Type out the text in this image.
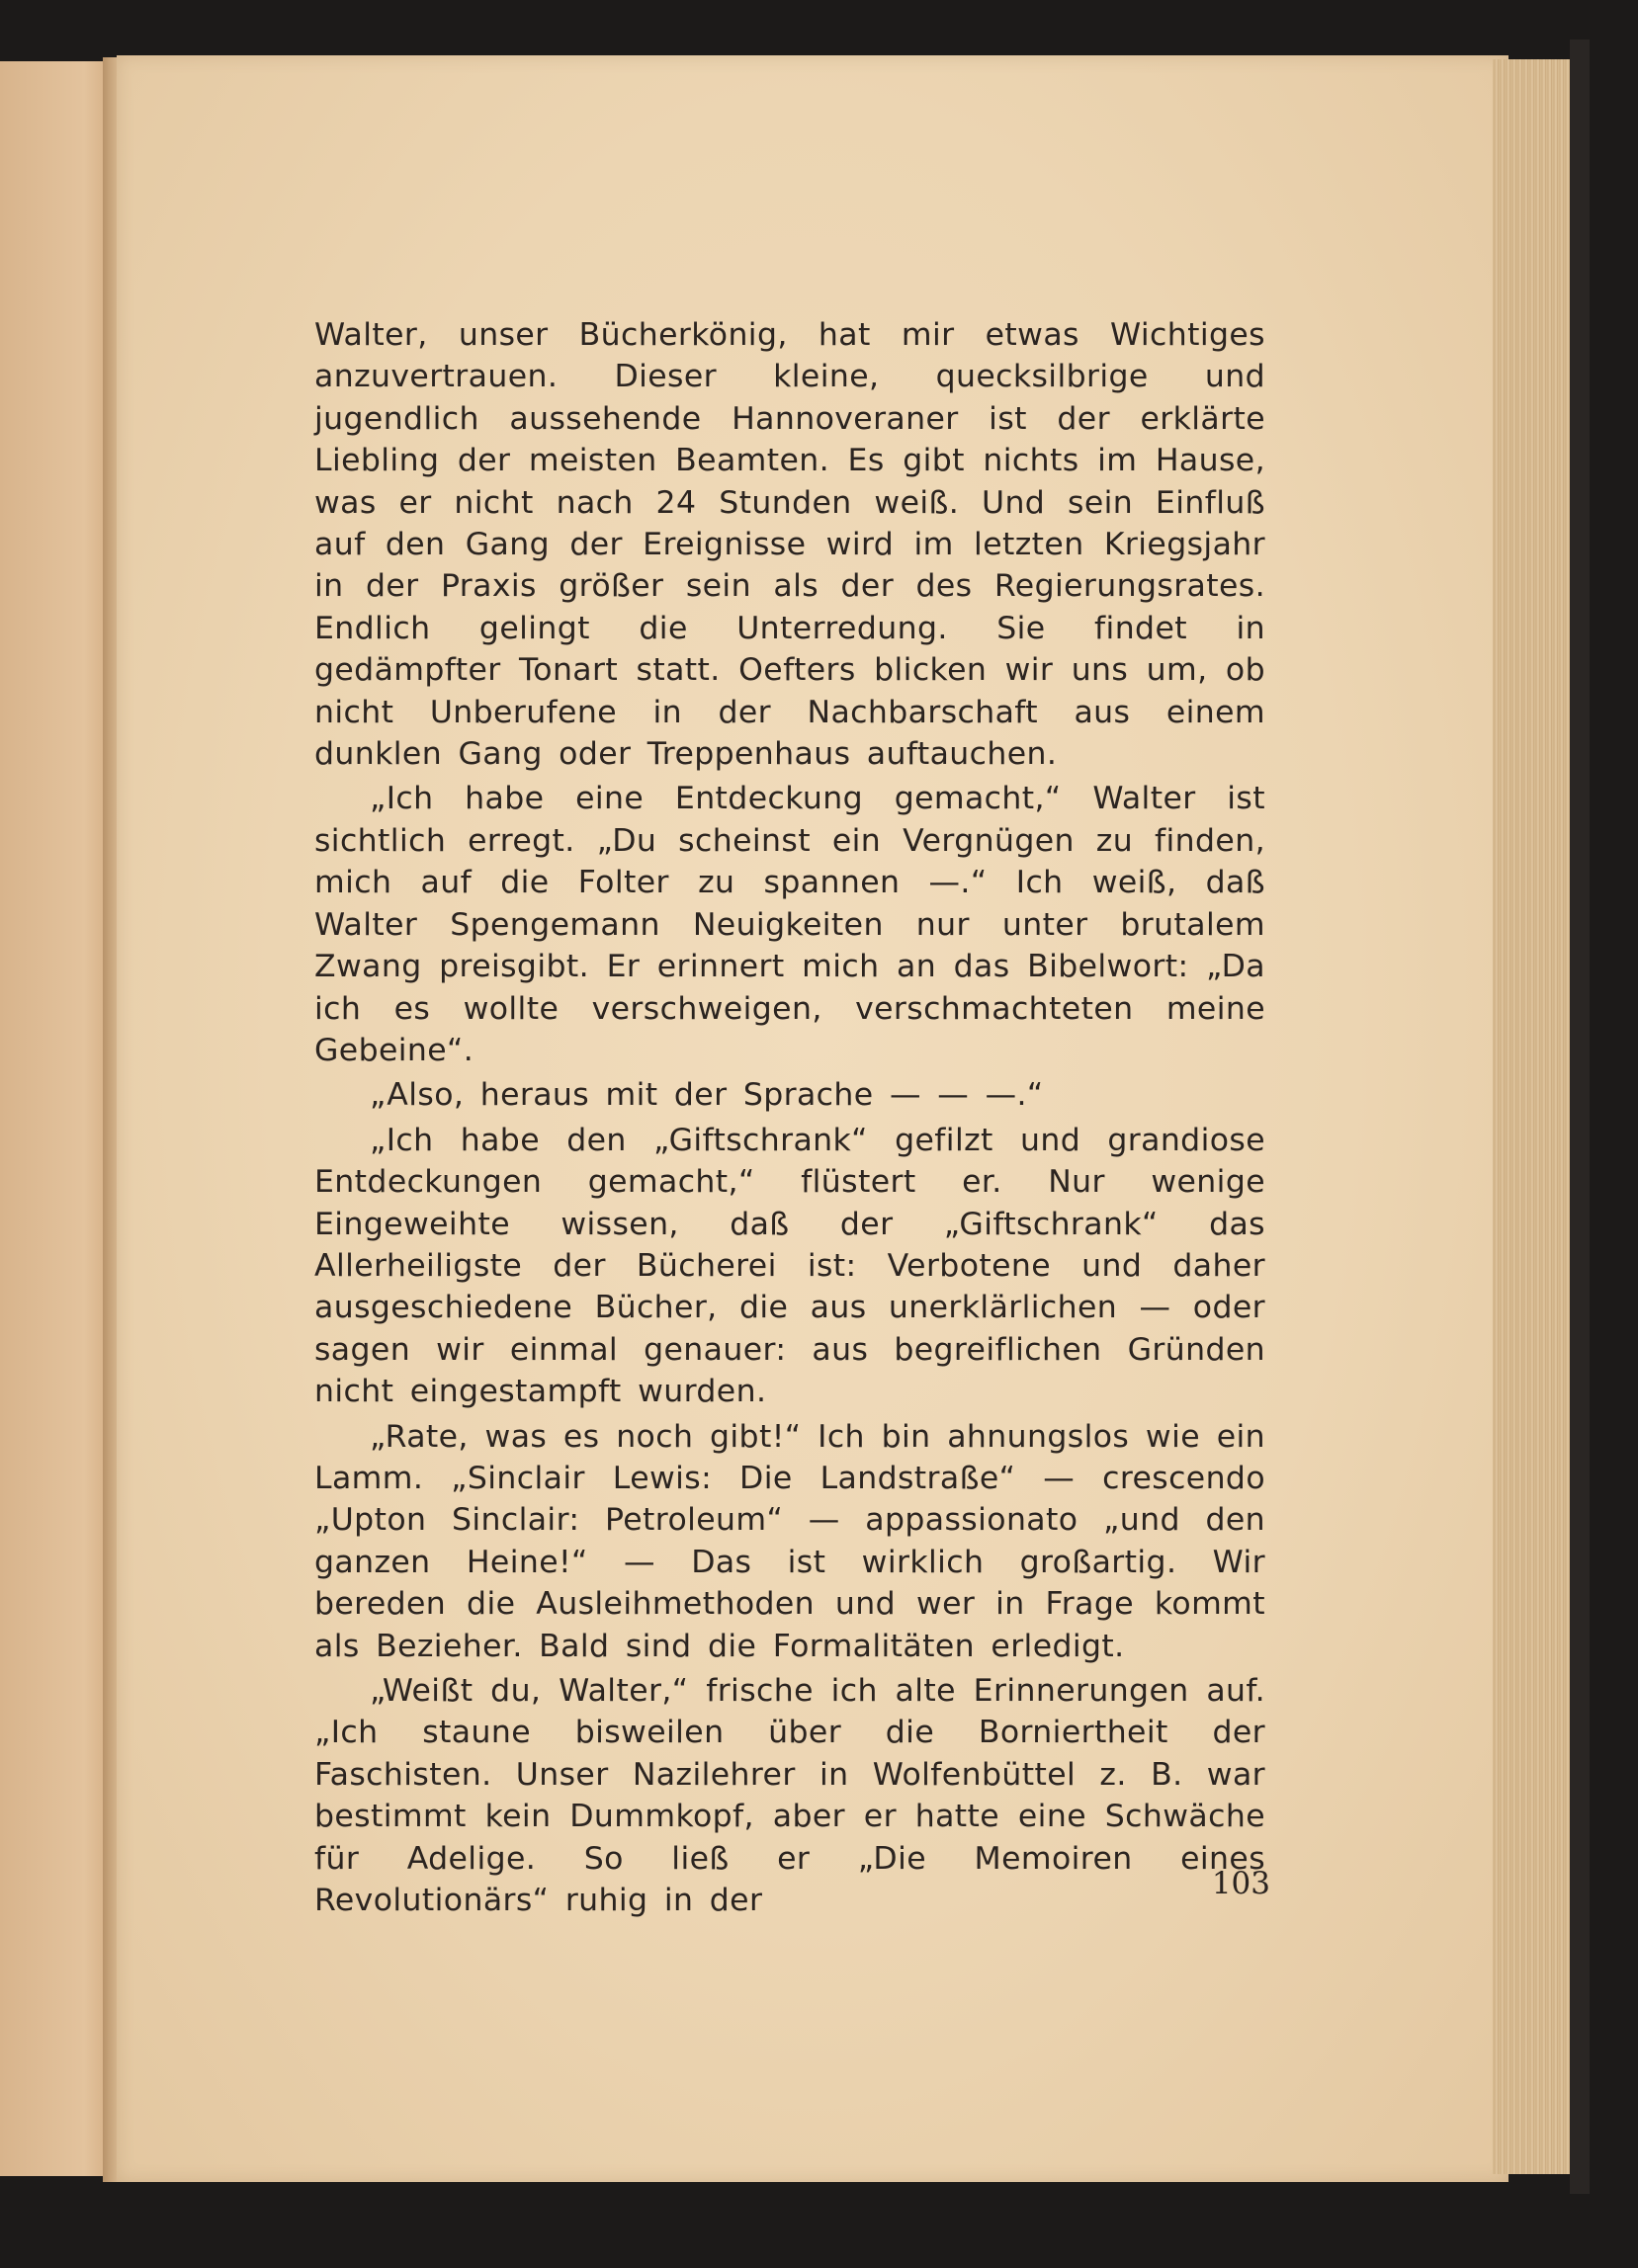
Walter, unser Bücherkönig, hat mir etwas Wichtiges anzuvertrauen. Dieser kleine, quecksilbrige und jugendlich aussehende Hannoveraner ist der erklärte Liebling der meisten Beamten. Es gibt nichts im Hause, was er nicht nach 24 Stunden weiß. Und sein Einfluß auf den Gang der Ereignisse wird im letzten Kriegsjahr in der Praxis größer sein als der des Regierungsrates. Endlich gelingt die Unterredung. Sie findet in gedämpfter Tonart statt. Oefters blicken wir uns um, ob nicht Unberufene in der Nachbarschaft aus einem dunklen Gang oder Treppenhaus auftauchen.

„Ich habe eine Entdeckung gemacht,“ Walter ist sichtlich erregt. „Du scheinst ein Vergnügen zu finden, mich auf die Folter zu spannen —.“ Ich weiß, daß Walter Spengemann Neuigkeiten nur unter brutalem Zwang preisgibt. Er erinnert mich an das Bibelwort: „Da ich es wollte verschweigen, verschmachteten meine Gebeine“.

„Also, heraus mit der Sprache — — —.“

„Ich habe den „Giftschrank“ gefilzt und grandiose Entdeckungen gemacht,“ flüstert er. Nur wenige Eingeweihte wissen, daß der „Giftschrank“ das Allerheiligste der Bücherei ist: Verbotene und daher ausgeschiedene Bücher, die aus unerklärlichen — oder sagen wir einmal genauer: aus begreiflichen Gründen nicht eingestampft wurden.

„Rate, was es noch gibt!“ Ich bin ahnungslos wie ein Lamm. „Sinclair Lewis: Die Landstraße“ — crescendo „Upton Sinclair: Petroleum“ — appassionato „und den ganzen Heine!“ — Das ist wirklich großartig. Wir bereden die Ausleihmethoden und wer in Frage kommt als Bezieher. Bald sind die Formalitäten erledigt.

„Weißt du, Walter,“ frische ich alte Erinnerungen auf. „Ich staune bisweilen über die Borniertheit der Faschisten. Unser Nazilehrer in Wolfenbüttel z. B. war bestimmt kein Dummkopf, aber er hatte eine Schwäche für Adelige. So ließ er „Die Memoiren eines Revolutionärs“ ruhig in der	103
